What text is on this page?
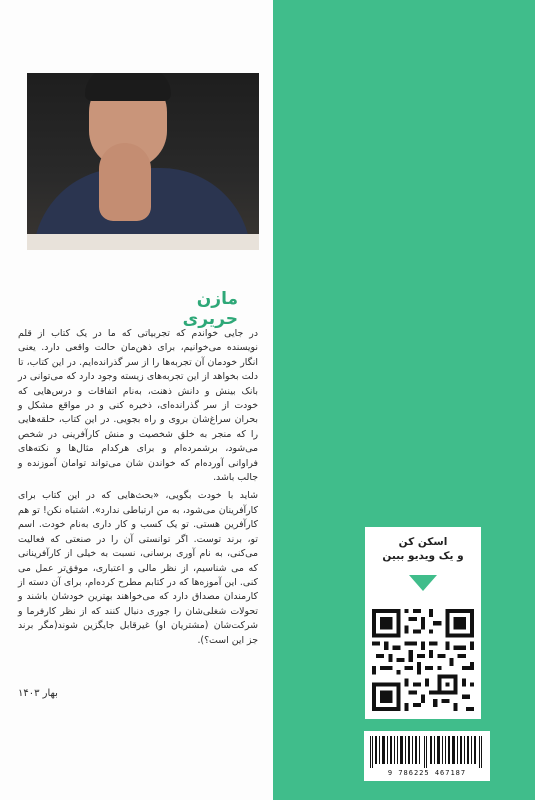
مازن حریری

در جایی خواندم که تجربیاتی که ما در یک کتاب از قلم نویسنده می‌خوانیم، برای ذهن‌مان حالت واقعی دارد. یعنی انگار خودمان آن تجربه‌ها را از سر گذرانده‌ایم. در این کتاب، تا دلت بخواهد از این تجربه‌های زیسته وجود دارد که می‌توانی در بانک بینش و دانش ذهنت، به‌نام اتفاقات و درس‌هایی که خودت از سر گذرانده‌ای، ذخیره کنی و در مواقع مشکل و بحران سراغ‌شان بروی و راه بجویی. در این کتاب، حلقه‌هایی را که منجر به خلق شخصیت و منش کارآفرینی در شخص می‌شود، برشمرده‌ام و برای هرکدام مثال‌ها و نکته‌های فراوانی آورده‌ام که خواندن شان می‌تواند توامان آموزنده و جالب باشد.

شاید با خودت بگویی، «بحث‌هایی که در این کتاب برای کارآفرینان می‌شود، به من ارتباطی ندارد». اشتباه نکن! تو هم کارآفرین هستی. تو یک کسب و کار داری به‌نام خودت. اسم تو، برند توست. اگر توانستی آن را در صنعتی که فعالیت می‌کنی، به نام آوری برسانی، نسبت به خیلی از کارآفرینانی که می شناسیم، از نظر مالی و اعتباری، موفق‌تر عمل می کنی. این آموزه‌ها که در کتابم مطرح کرده‌ام، برای آن دسته از کارمندان مصداق دارد که می‌خواهند بهترین خودشان باشند و تحولات شغلی‌شان را جوری دنبال کنند که از نظر کارفرما و شرکت‌شان (مشتریان او) غیرقابل جایگزین شوند(مگر برند جز این است؟).

بهار ۱۴۰۳
اسکن کن
و یک ویدیو ببین
9 786225 467187
